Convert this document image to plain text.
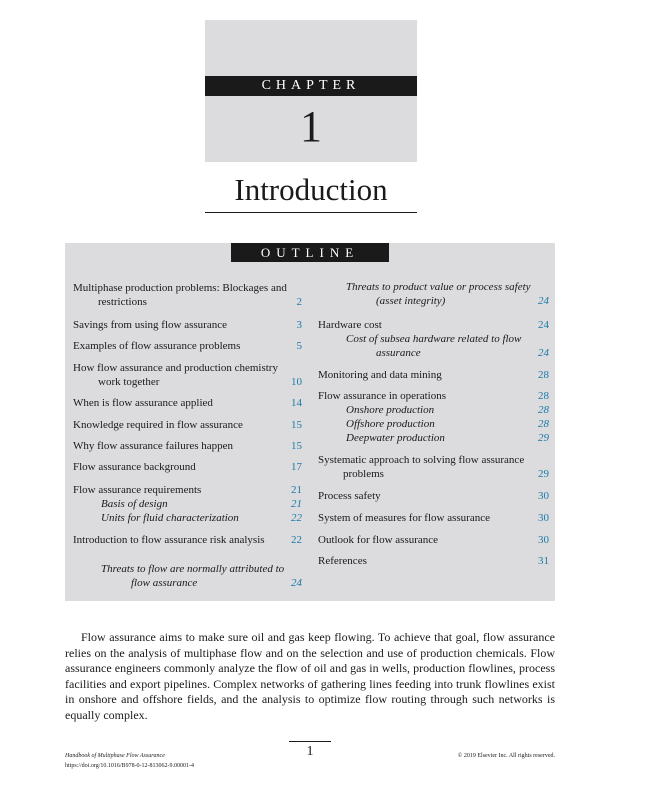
CHAPTER
1
Introduction
OUTLINE
Multiphase production problems: Blockages and restrictions	2
Savings from using flow assurance	3
Examples of flow assurance problems	5
How flow assurance and production chemistry work together	10
When is flow assurance applied	14
Knowledge required in flow assurance	15
Why flow assurance failures happen	15
Flow assurance background	17
Flow assurance requirements	21
Basis of design	21
Units for fluid characterization	22
Introduction to flow assurance risk analysis	22
Threats to flow are normally attributed to flow assurance	24
Threats to product value or process safety (asset integrity)	24
Hardware cost	24
Cost of subsea hardware related to flow assurance	24
Monitoring and data mining	28
Flow assurance in operations	28
Onshore production	28
Offshore production	28
Deepwater production	29
Systematic approach to solving flow assurance problems	29
Process safety	30
System of measures for flow assurance	30
Outlook for flow assurance	30
References	31

Flow assurance aims to make sure oil and gas keep flowing. To achieve that goal, flow assurance relies on the analysis of multiphase flow and on the selection and use of production chemicals. Flow assurance engineers commonly analyze the flow of oil and gas in wells, production flowlines, process facilities and export pipelines. Complex networks of gathering lines feeding into trunk flowlines exist in onshore and offshore fields, and the analysis to optimize flow routing through such networks is equally complex.

1
Handbook of Multiphase Flow Assurance
https://doi.org/10.1016/B978-0-12-813062-9.00001-4
© 2019 Elsevier Inc. All rights reserved.
